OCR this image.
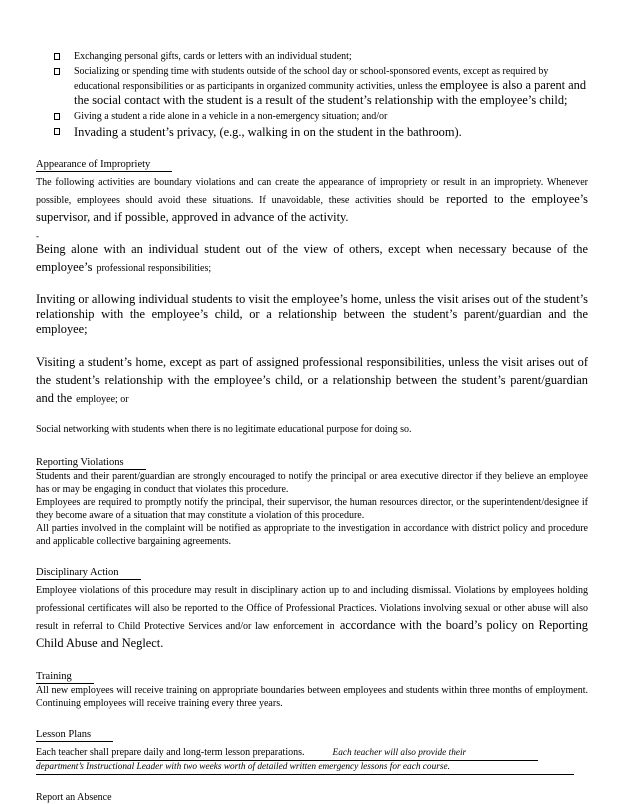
Exchanging personal gifts, cards or letters with an individual student;
Socializing or spending time with students outside of the school day or school-sponsored events, except as required by educational responsibilities or as participants in organized community activities, unless the employee is also a parent and the social contact with the student is a result of the student’s relationship with the employee’s child;
Giving a student a ride alone in a vehicle in a non-emergency situation; and/or
Invading a student’s privacy, (e.g., walking in on the student in the bathroom).
Appearance of Impropriety
The following activities are boundary violations and can create the appearance of impropriety or result in an impropriety. Whenever possible, employees should avoid these situations. If unavoidable, these activities should be reported to the employee’s supervisor, and if possible, approved in advance of the activity.
-
Being alone with an individual student out of the view of others, except when necessary because of the employee’s professional responsibilities;
Inviting or allowing individual students to visit the employee’s home, unless the visit arises out of the student’s relationship with the employee’s child, or a relationship between the student’s parent/guardian and the employee;
Visiting a student’s home, except as part of assigned professional responsibilities, unless the visit arises out of the student’s relationship with the employee’s child, or a relationship between the student’s parent/guardian and the employee; or
Social networking with students when there is no legitimate educational purpose for doing so.
Reporting Violations
Students and their parent/guardian are strongly encouraged to notify the principal or area executive director if they believe an employee has or may be engaging in conduct that violates this procedure.
Employees are required to promptly notify the principal, their supervisor, the human resources director, or the superintendent/designee if they become aware of a situation that may constitute a violation of this procedure.
All parties involved in the complaint will be notified as appropriate to the investigation in accordance with district policy and procedure and applicable collective bargaining agreements.
Disciplinary Action
Employee violations of this procedure may result in disciplinary action up to and including dismissal. Violations by employees holding professional certificates will also be reported to the Office of Professional Practices. Violations involving sexual or other abuse will also result in referral to Child Protective Services and/or law enforcement in accordance with the board’s policy on Reporting Child Abuse and Neglect.
Training
All new employees will receive training on appropriate boundaries between employees and students within three months of employment. Continuing employees will receive training every three years.
Lesson Plans
Each teacher shall prepare daily and long-term lesson preparations.	Each teacher will also provide their
department’s Instructional Leader with two weeks worth of detailed written emergency lessons for each course.
Report an Absence
